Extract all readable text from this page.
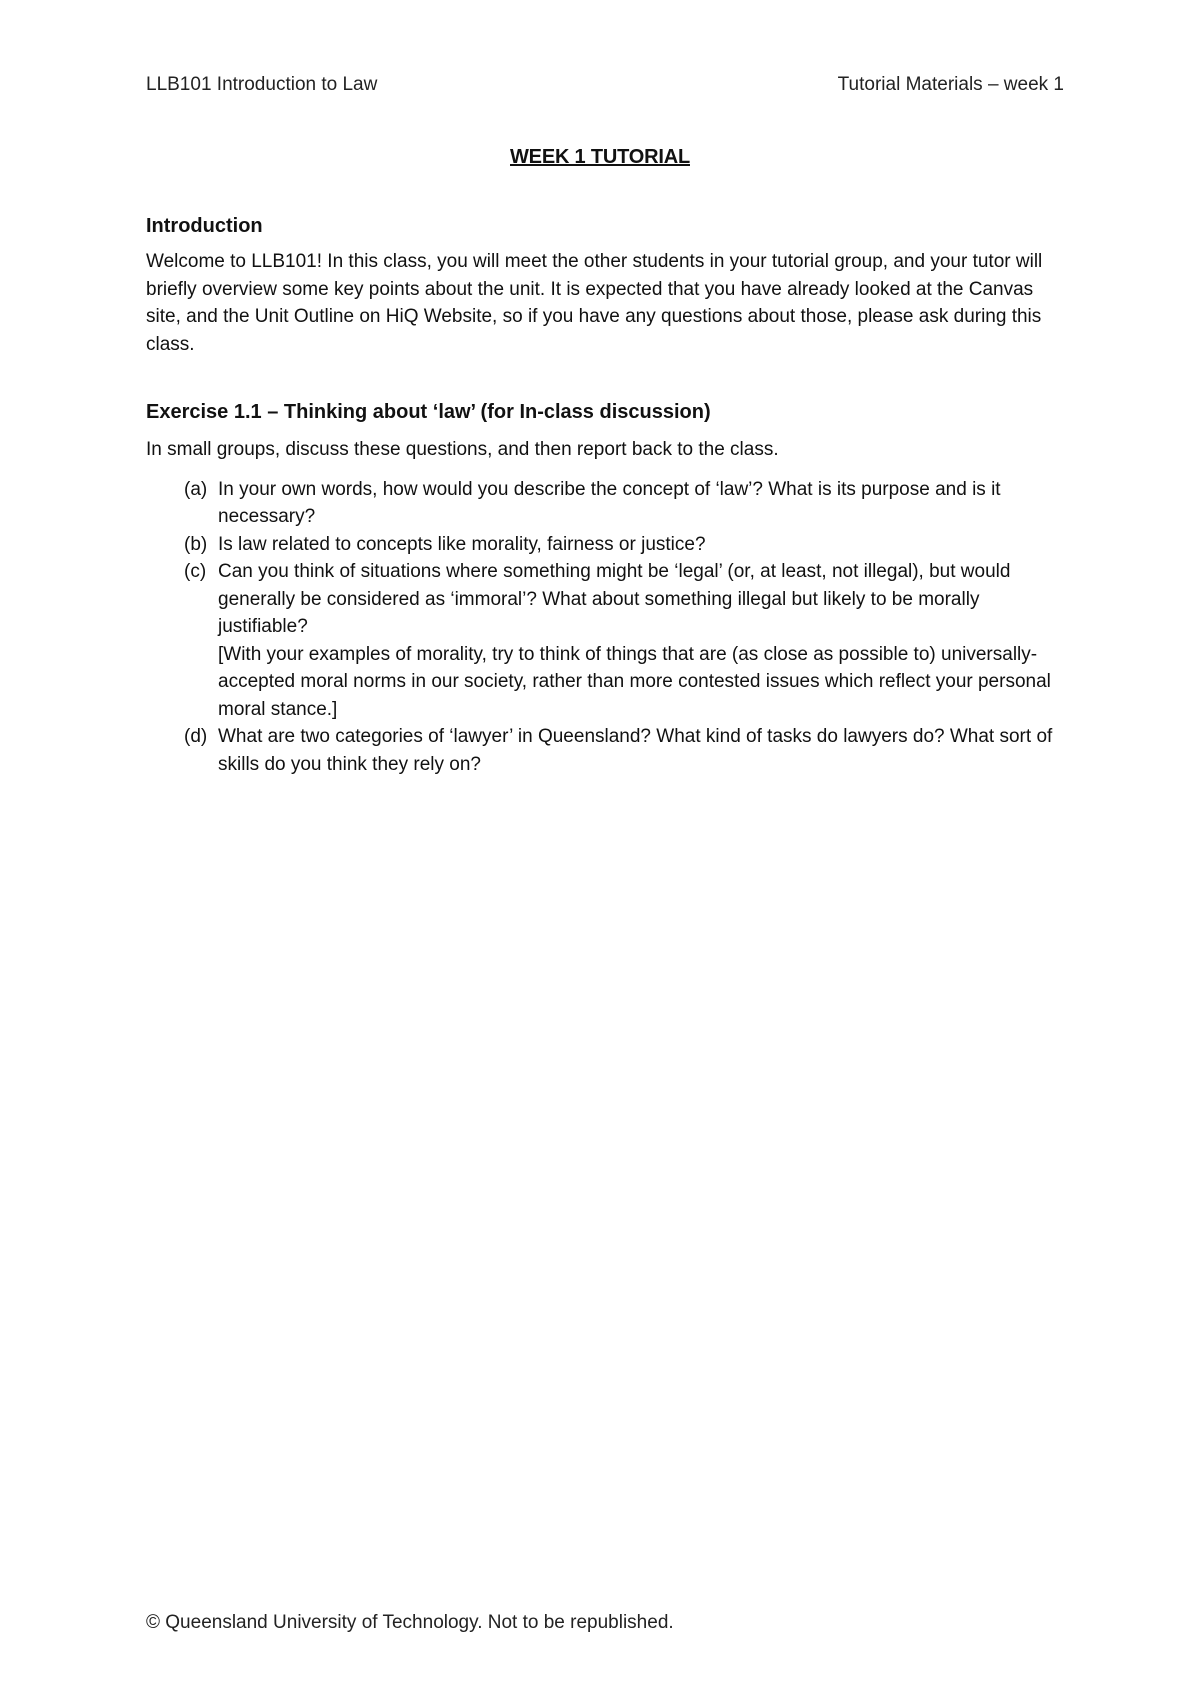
LLB101 Introduction to Law	Tutorial Materials – week 1
WEEK 1 TUTORIAL
Introduction

Welcome to LLB101! In this class, you will meet the other students in your tutorial group, and your tutor will briefly overview some key points about the unit. It is expected that you have already looked at the Canvas site, and the Unit Outline on HiQ Website, so if you have any questions about those, please ask during this class.

Exercise 1.1 – Thinking about ‘law’ (for In-class discussion)

In small groups, discuss these questions, and then report back to the class.

(a) In your own words, how would you describe the concept of ‘law’? What is its purpose and is it necessary?
(b) Is law related to concepts like morality, fairness or justice?
(c) Can you think of situations where something might be ‘legal’ (or, at least, not illegal), but would generally be considered as ‘immoral’? What about something illegal but likely to be morally justifiable?
[With your examples of morality, try to think of things that are (as close as possible to) universally-accepted moral norms in our society, rather than more contested issues which reflect your personal moral stance.]
(d) What are two categories of ‘lawyer’ in Queensland? What kind of tasks do lawyers do? What sort of skills do you think they rely on?
© Queensland University of Technology. Not to be republished.
